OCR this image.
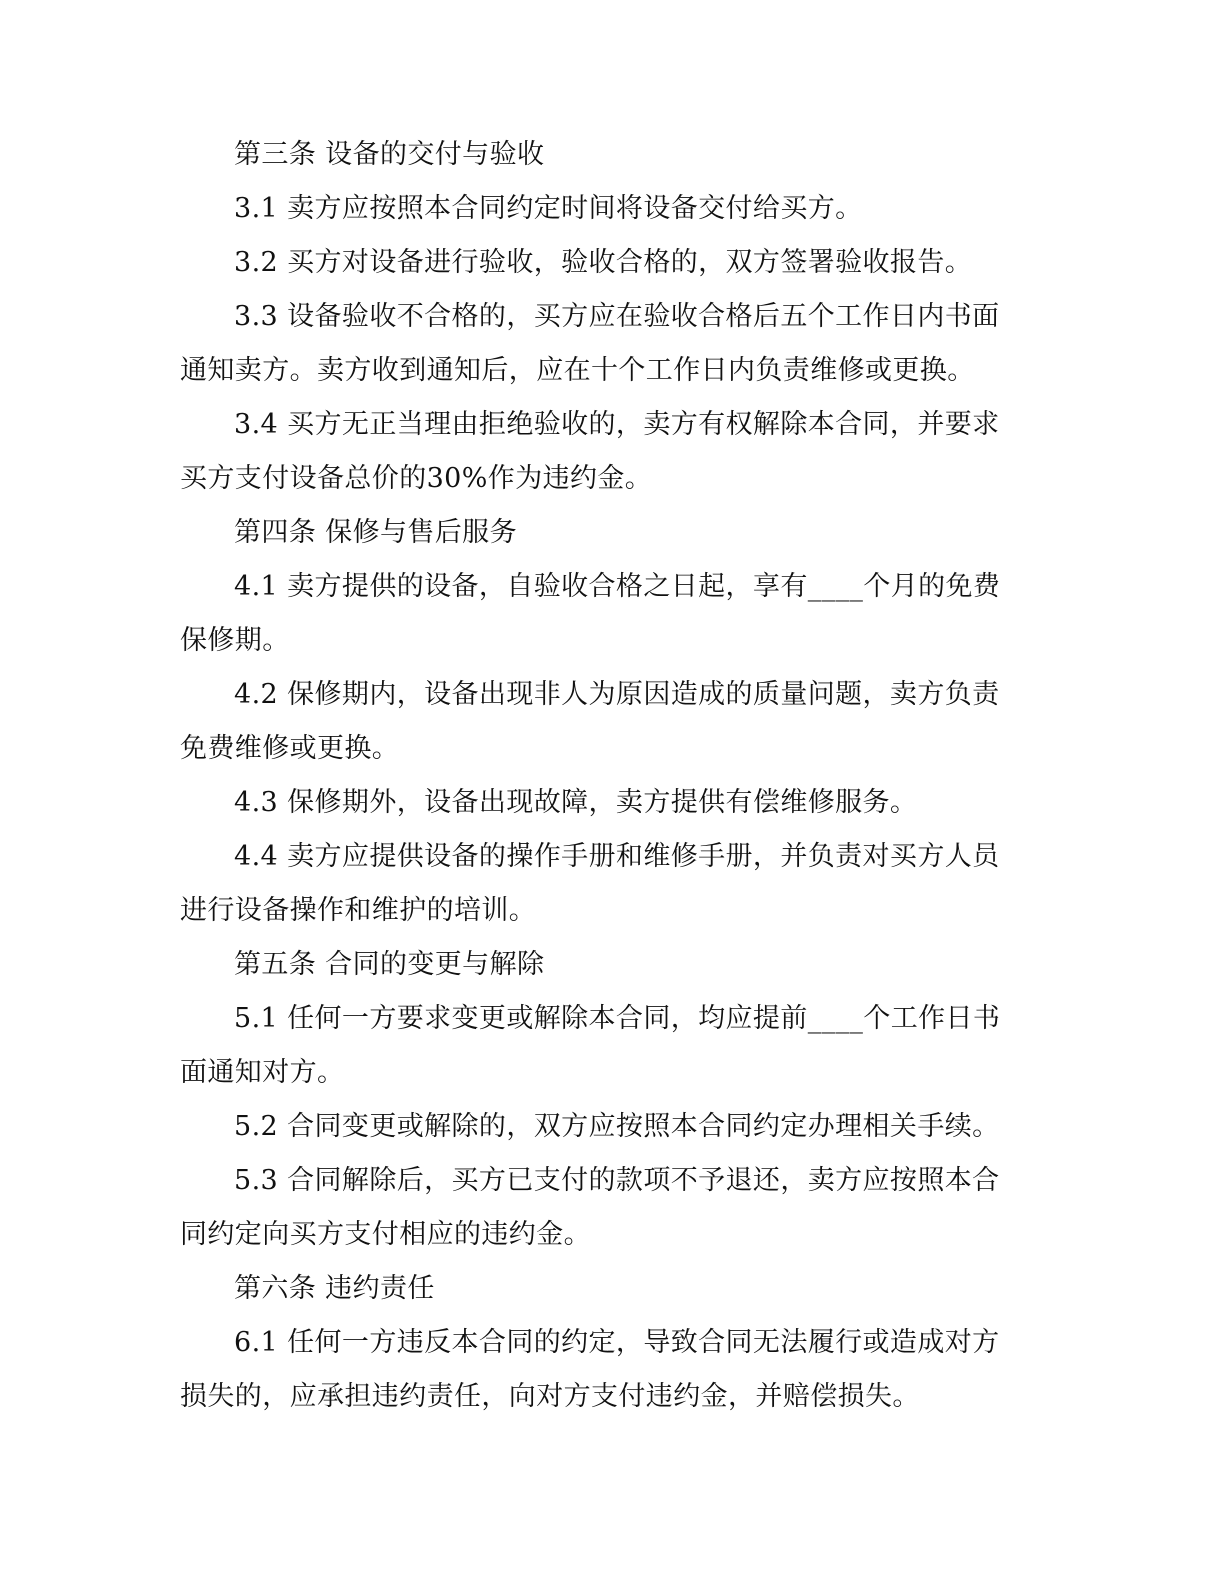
第三条 设备的交付与验收

3.1 卖方应按照本合同约定时间将设备交付给买方。

3.2 买方对设备进行验收，验收合格的，双方签署验收报告。

3.3 设备验收不合格的，买方应在验收合格后五个工作日内书面通知卖方。卖方收到通知后，应在十个工作日内负责维修或更换。

3.4 买方无正当理由拒绝验收的，卖方有权解除本合同，并要求买方支付设备总价的30%作为违约金。

第四条 保修与售后服务

4.1 卖方提供的设备，自验收合格之日起，享有____个月的免费保修期。

4.2 保修期内，设备出现非人为原因造成的质量问题，卖方负责免费维修或更换。

4.3 保修期外，设备出现故障，卖方提供有偿维修服务。

4.4 卖方应提供设备的操作手册和维修手册，并负责对买方人员进行设备操作和维护的培训。

第五条 合同的变更与解除

5.1 任何一方要求变更或解除本合同，均应提前____个工作日书面通知对方。

5.2 合同变更或解除的，双方应按照本合同约定办理相关手续。

5.3 合同解除后，买方已支付的款项不予退还，卖方应按照本合同约定向买方支付相应的违约金。

第六条 违约责任

6.1 任何一方违反本合同的约定，导致合同无法履行或造成对方损失的，应承担违约责任，向对方支付违约金，并赔偿损失。
